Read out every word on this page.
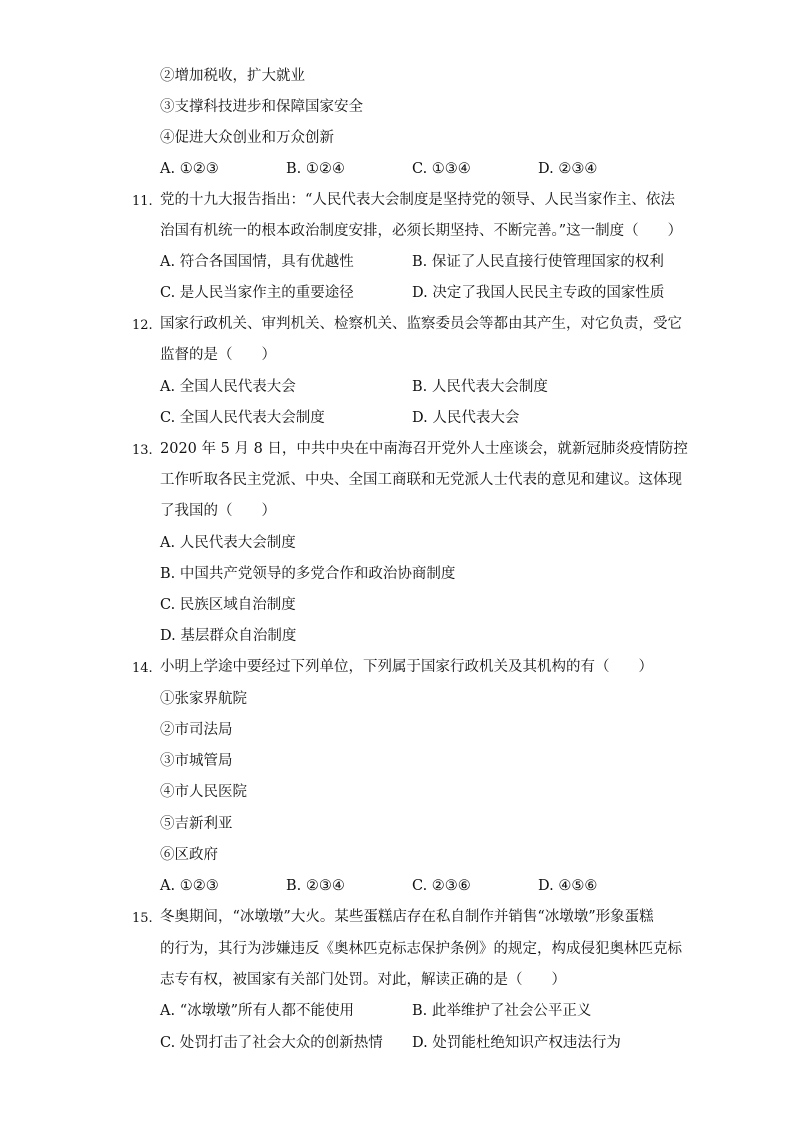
②增加税收，扩大就业
③支撑科技进步和保障国家安全
④促进大众创业和万众创新
A. ①②③	B. ①②④	C. ①③④	D. ②③④
11. 党的十九大报告指出：“人民代表大会制度是坚持党的领导、人民当家作主、依法
治国有机统一的根本政治制度安排，必须长期坚持、不断完善。”这一制度（　　）
A. 符合各国国情，具有优越性	B. 保证了人民直接行使管理国家的权利
C. 是人民当家作主的重要途径	D. 决定了我国人民民主专政的国家性质
12. 国家行政机关、审判机关、检察机关、监察委员会等都由其产生，对它负责，受它
监督的是（　　）
A. 全国人民代表大会	B. 人民代表大会制度
C. 全国人民代表大会制度	D. 人民代表大会
13. 2020 年 5 月 8 日，中共中央在中南海召开党外人士座谈会，就新冠肺炎疫情防控
工作听取各民主党派、中央、全国工商联和无党派人士代表的意见和建议。这体现
了我国的（　　）
A. 人民代表大会制度
B. 中国共产党领导的多党合作和政治协商制度
C. 民族区域自治制度
D. 基层群众自治制度
14. 小明上学途中要经过下列单位，下列属于国家行政机关及其机构的有（　　）
①张家界航院
②市司法局
③市城管局
④市人民医院
⑤吉新利亚
⑥区政府
A. ①②③	B. ②③④	C. ②③⑥	D. ④⑤⑥
15. 冬奥期间，“冰墩墩”大火。某些蛋糕店存在私自制作并销售“冰墩墩”形象蛋糕
的行为，其行为涉嫌违反《奥林匹克标志保护条例》的规定，构成侵犯奥林匹克标
志专有权，被国家有关部门处罚。对此，解读正确的是（　　）
A. “冰墩墩”所有人都不能使用	B. 此举维护了社会公平正义
C. 处罚打击了社会大众的创新热情 D. 处罚能杜绝知识产权违法行为
